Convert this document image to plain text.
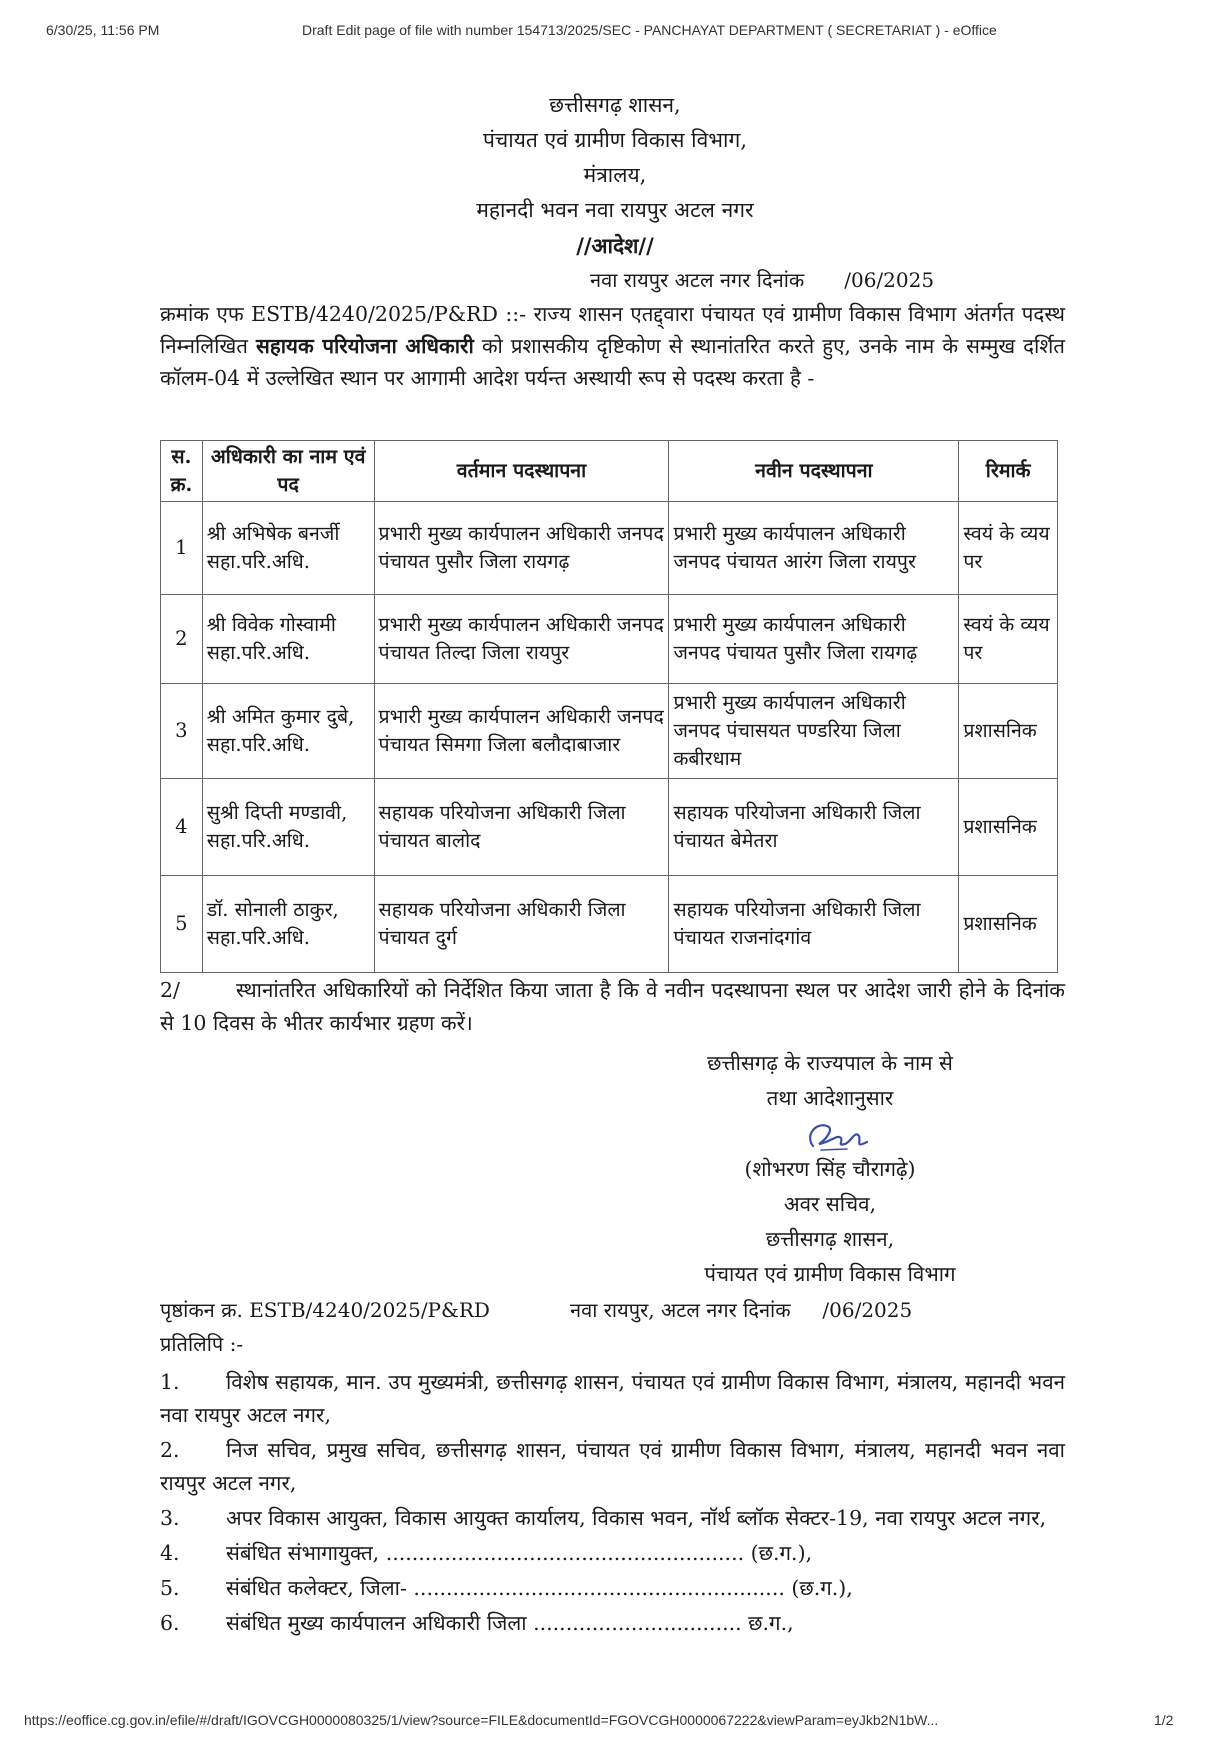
6/30/25, 11:56 PM	Draft Edit page of file with number 154713/2025/SEC - PANCHAYAT DEPARTMENT ( SECRETARIAT ) - eOffice
छत्तीसगढ़ शासन,
पंचायत एवं ग्रामीण विकास विभाग,
मंत्रालय,
महानदी भवन नवा रायपुर अटल नगर
//आदेश//
नवा रायपुर अटल नगर दिनांक /06/2025
क्रमांक एफ ESTB/4240/2025/P&RD ::- राज्य शासन एतद्द्वारा पंचायत एवं ग्रामीण विकास विभाग अंतर्गत पदस्थ निम्नलिखित सहायक परियोजना अधिकारी को प्रशासकीय दृष्टिकोण से स्थानांतरित करते हुए, उनके नाम के सम्मुख दर्शित कॉलम-04 में उल्लेखित स्थान पर आगामी आदेश पर्यन्त अस्थायी रूप से पदस्थ करता है -
स. क्र.	अधिकारी का नाम एवं पद	वर्तमान पदस्थापना	नवीन पदस्थापना	रिमार्क
1	श्री अभिषेक बनर्जी सहा.परि.अधि.	प्रभारी मुख्य कार्यपालन अधिकारी जनपद पंचायत पुसौर जिला रायगढ़	प्रभारी मुख्य कार्यपालन अधिकारी जनपद पंचायत आरंग जिला रायपुर	स्वयं के व्यय पर
2	श्री विवेक गोस्वामी सहा.परि.अधि.	प्रभारी मुख्य कार्यपालन अधिकारी जनपद पंचायत तिल्दा जिला रायपुर	प्रभारी मुख्य कार्यपालन अधिकारी जनपद पंचायत पुसौर जिला रायगढ़	स्वयं के व्यय पर
3	श्री अमित कुमार दुबे, सहा.परि.अधि.	प्रभारी मुख्य कार्यपालन अधिकारी जनपद पंचायत सिमगा जिला बलौदाबाजार	प्रभारी मुख्य कार्यपालन अधिकारी जनपद पंचासयत पण्डरिया जिला कबीरधाम	प्रशासनिक
4	सुश्री दिप्ती मण्डावी, सहा.परि.अधि.	सहायक परियोजना अधिकारी जिला पंचायत बालोद	सहायक परियोजना अधिकारी जिला पंचायत बेमेतरा	प्रशासनिक
5	डॉ. सोनाली ठाकुर, सहा.परि.अधि.	सहायक परियोजना अधिकारी जिला पंचायत दुर्ग	सहायक परियोजना अधिकारी जिला पंचायत राजनांदगांव	प्रशासनिक
2/	स्थानांतरित अधिकारियों को निर्देशित किया जाता है कि वे नवीन पदस्थापना स्थल पर आदेश जारी होने के दिनांक से 10 दिवस के भीतर कार्यभार ग्रहण करें।
छत्तीसगढ़ के राज्यपाल के नाम से
तथा आदेशानुसार
(शोभरण सिंह चौरागढ़े)
अवर सचिव,
छत्तीसगढ़ शासन,
पंचायत एवं ग्रामीण विकास विभाग
पृष्ठांकन क्र. ESTB/4240/2025/P&RD	नवा रायपुर, अटल नगर दिनांक /06/2025
प्रतिलिपि :-
1. विशेष सहायक, मान. उप मुख्यमंत्री, छत्तीसगढ़ शासन, पंचायत एवं ग्रामीण विकास विभाग, मंत्रालय, महानदी भवन नवा रायपुर अटल नगर,
2. निज सचिव, प्रमुख सचिव, छत्तीसगढ़ शासन, पंचायत एवं ग्रामीण विकास विभाग, मंत्रालय, महानदी भवन नवा रायपुर अटल नगर,
3. अपर विकास आयुक्त, विकास आयुक्त कार्यालय, विकास भवन, नॉर्थ ब्लॉक सेक्टर-19, नवा रायपुर अटल नगर,
4. संबंधित संभागायुक्त, ....................................................... (छ.ग.),
5. संबंधित कलेक्टर, जिला- ......................................................... (छ.ग.),
6. संबंधित मुख्य कार्यपालन अधिकारी जिला ................................ छ.ग.,
https://eoffice.cg.gov.in/efile/#/draft/IGOVCGH0000080325/1/view?source=FILE&documentId=FGOVCGH0000067222&viewParam=eyJkb2N1bW...	1/2
